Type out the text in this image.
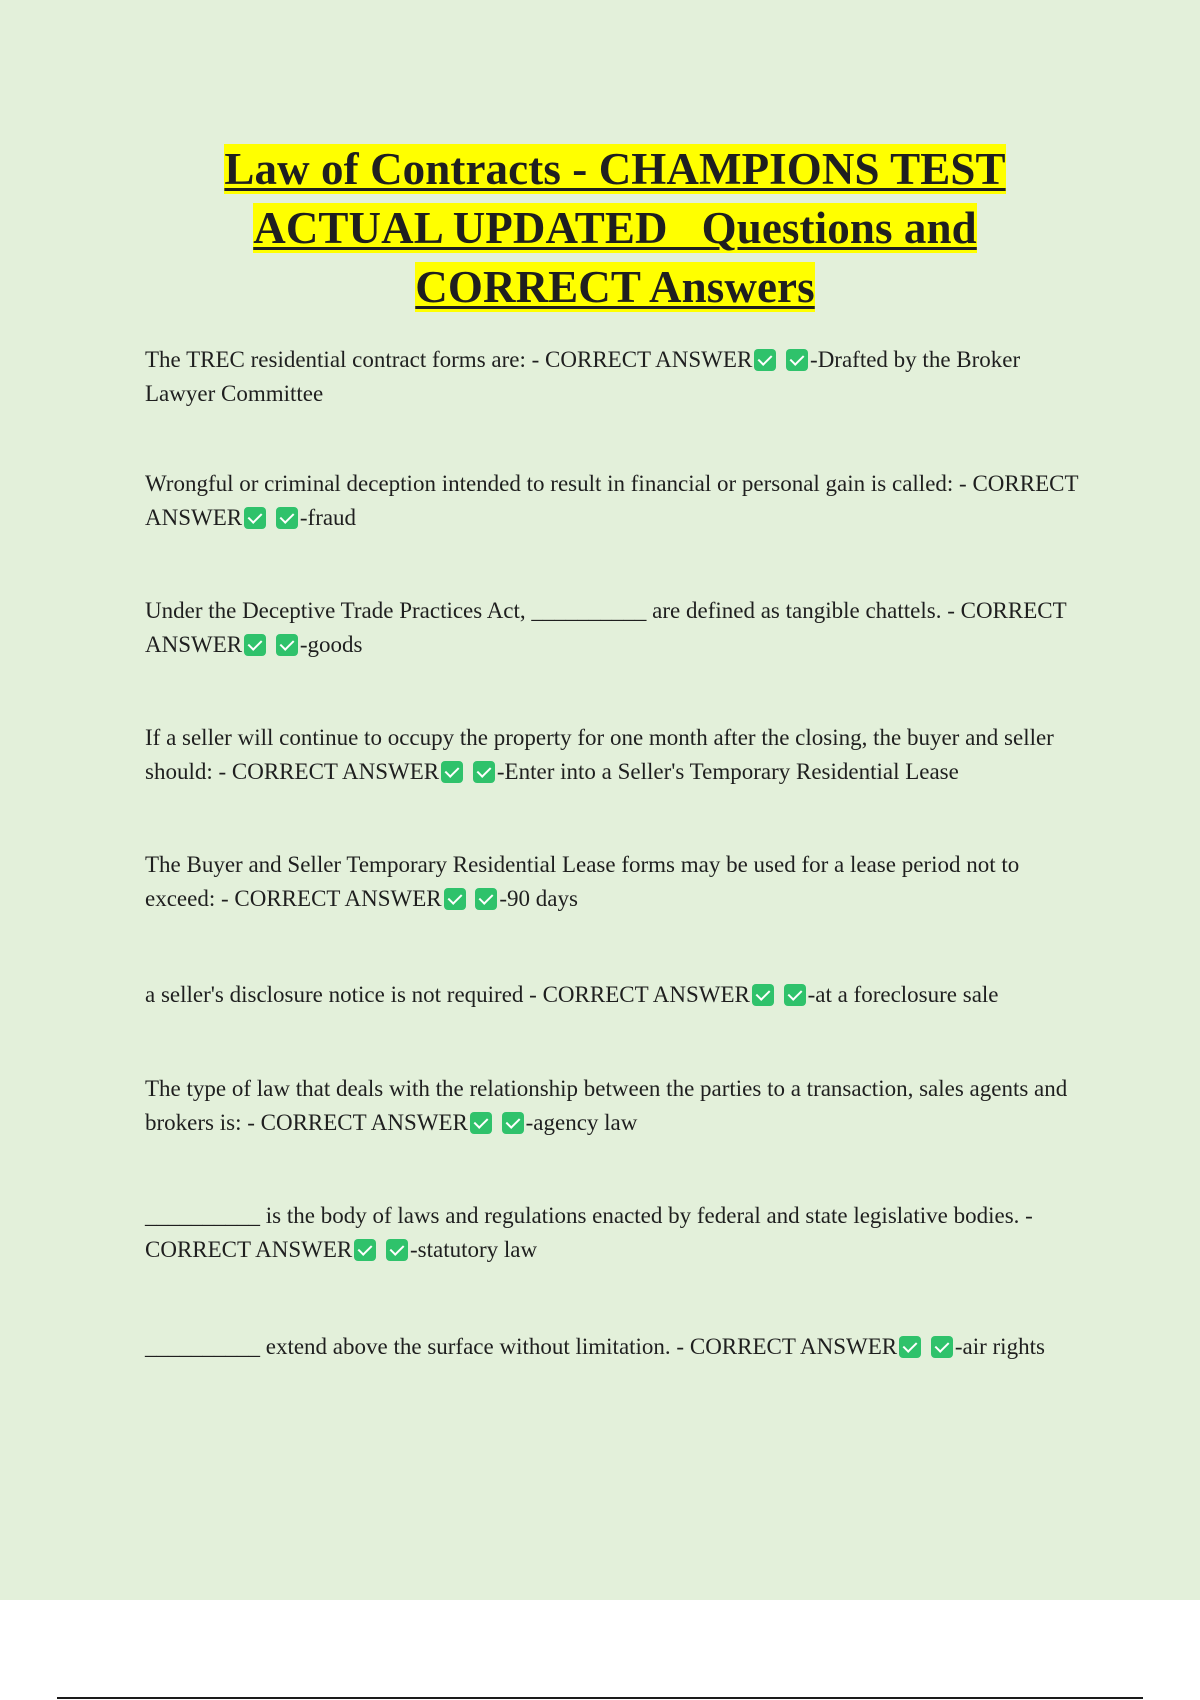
Law of Contracts - CHAMPIONS TEST
ACTUAL UPDATED   Questions and
CORRECT Answers
The TREC residential contract forms are: - CORRECT ANSWER	-Drafted by the Broker Lawyer Committee
Wrongful or criminal deception intended to result in financial or personal gain is called: - CORRECT ANSWER	-fraud
Under the Deceptive Trade Practices Act, __________ are defined as tangible chattels. - CORRECT ANSWER	-goods
If a seller will continue to occupy the property for one month after the closing, the buyer and seller should: - CORRECT ANSWER	-Enter into a Seller's Temporary Residential Lease
The Buyer and Seller Temporary Residential Lease forms may be used for a lease period not to exceed: - CORRECT ANSWER	-90 days
a seller's disclosure notice is not required - CORRECT ANSWER	-at a foreclosure sale
The type of law that deals with the relationship between the parties to a transaction, sales agents and brokers is: - CORRECT ANSWER	-agency law
__________ is the body of laws and regulations enacted by federal and state legislative bodies. - CORRECT ANSWER	-statutory law
__________ extend above the surface without limitation. - CORRECT ANSWER	-air rights
